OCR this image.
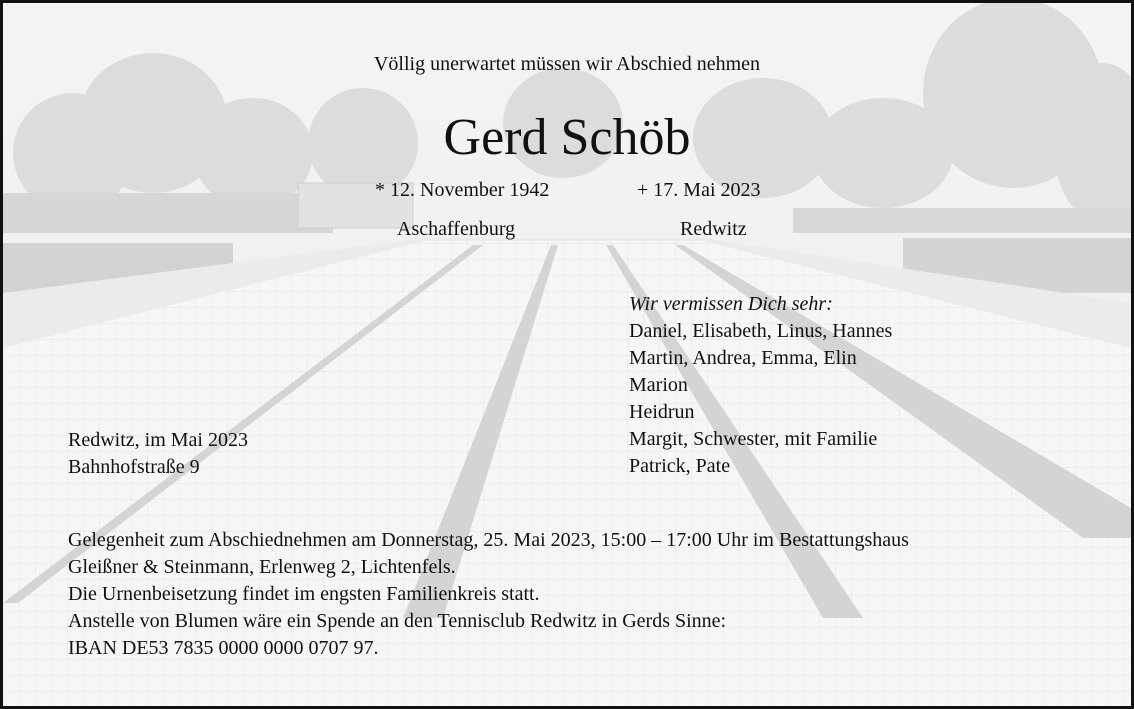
Völlig unerwartet müssen wir Abschied nehmen
Gerd Schöb
* 12. November 1942	+ 17. Mai 2023
Aschaffenburg	Redwitz
Wir vermissen Dich sehr:
Daniel, Elisabeth, Linus, Hannes
Martin, Andrea, Emma, Elin
Marion
Heidrun
Margit, Schwester, mit Familie
Patrick, Pate
Redwitz, im Mai 2023
Bahnhofstraße 9
Gelegenheit zum Abschiednehmen am Donnerstag, 25. Mai 2023, 15:00 – 17:00 Uhr im Bestattungshaus
Gleißner & Steinmann, Erlenweg 2, Lichtenfels.
Die Urnenbeisetzung findet im engsten Familienkreis statt.
Anstelle von Blumen wäre ein Spende an den Tennisclub Redwitz in Gerds Sinne:
IBAN DE53 7835 0000 0000 0707 97.
